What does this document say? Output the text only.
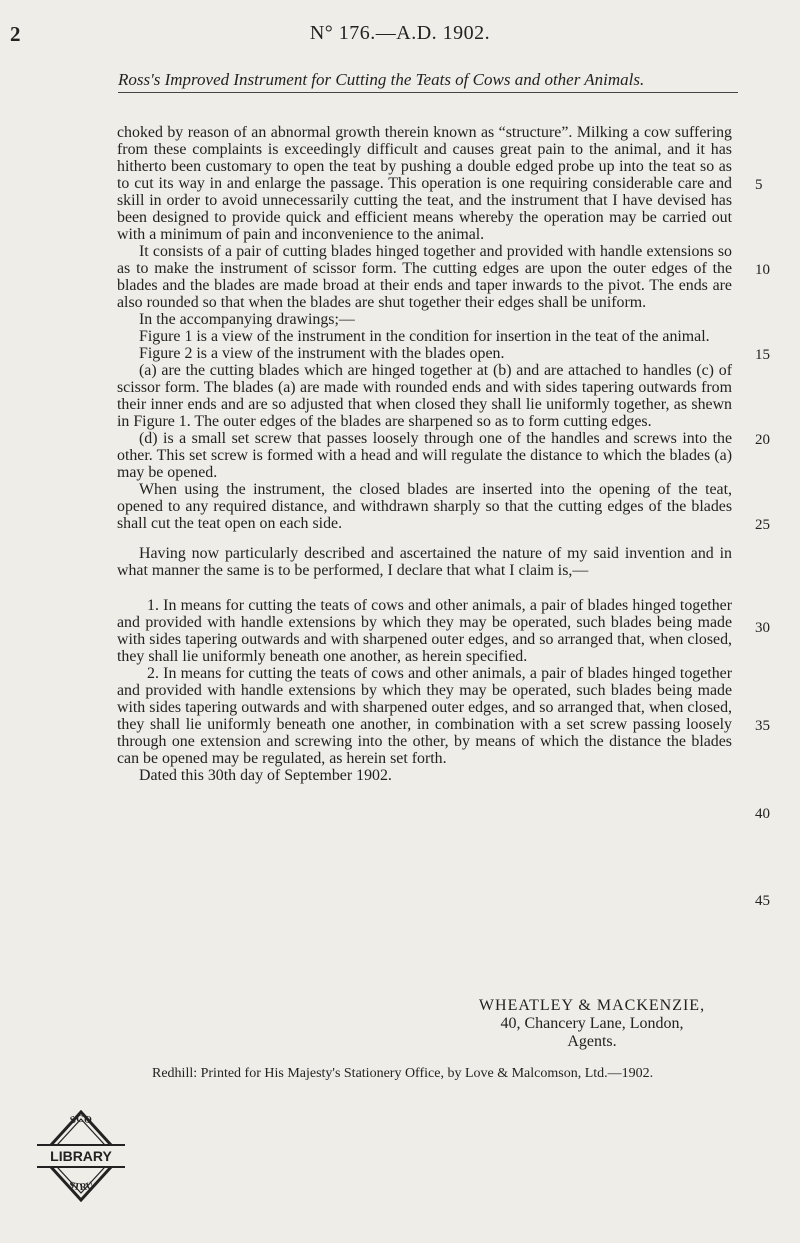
2	N° 176.—A.D. 1902.
Ross's Improved Instrument for Cutting the Teats of Cows and other Animals.

choked by reason of an abnormal growth therein known as “structure”. Milking a cow suffering from these complaints is exceedingly difficult and causes great pain to the animal, and it has hitherto been customary to open the teat by pushing a double edged probe up into the teat so as to cut its way in and enlarge the passage. This operation is one requiring considerable care and skill in order to avoid unnecessarily cutting the teat, and the instrument that I have devised has been designed to provide quick and efficient means whereby the operation may be carried out with a minimum of pain and inconvenience to the animal.

It consists of a pair of cutting blades hinged together and provided with handle extensions so as to make the instrument of scissor form. The cutting edges are upon the outer edges of the blades and the blades are made broad at their ends and taper inwards to the pivot. The ends are also rounded so that when the blades are shut together their edges shall be uniform.

In the accompanying drawings;—

Figure 1 is a view of the instrument in the condition for insertion in the teat of the animal.

Figure 2 is a view of the instrument with the blades open.

(a) are the cutting blades which are hinged together at (b) and are attached to handles (c) of scissor form. The blades (a) are made with rounded ends and with sides tapering outwards from their inner ends and are so adjusted that when closed they shall lie uniformly together, as shewn in Figure 1. The outer edges of the blades are sharpened so as to form cutting edges.

(d) is a small set screw that passes loosely through one of the handles and screws into the other. This set screw is formed with a head and will regulate the distance to which the blades (a) may be opened.

When using the instrument, the closed blades are inserted into the opening of the teat, opened to any required distance, and withdrawn sharply so that the cutting edges of the blades shall cut the teat open on each side.

Having now particularly described and ascertained the nature of my said invention and in what manner the same is to be performed, I declare that what I claim is,—

1. In means for cutting the teats of cows and other animals, a pair of blades hinged together and provided with handle extensions by which they may be operated, such blades being made with sides tapering outwards and with sharpened outer edges, and so arranged that, when closed, they shall lie uniformly beneath one another, as herein specified.

2. In means for cutting the teats of cows and other animals, a pair of blades hinged together and provided with handle extensions by which they may be operated, such blades being made with sides tapering outwards and with sharpened outer edges, and so arranged that, when closed, they shall lie uniformly beneath one another, in combination with a set screw passing loosely through one extension and screwing into the other, by means of which the distance the blades can be opened may be regulated, as herein set forth.

Dated this 30th day of September 1902.

5
10
15
20
25
30
35
40
45
WHEATLEY & MACKENZIE,
40, Chancery Lane, London,
Agents.
Redhill: Printed for His Majesty's Stationery Office, by Love & Malcomson, Ltd.—1902.
SCO
LIBRARY
STRU
